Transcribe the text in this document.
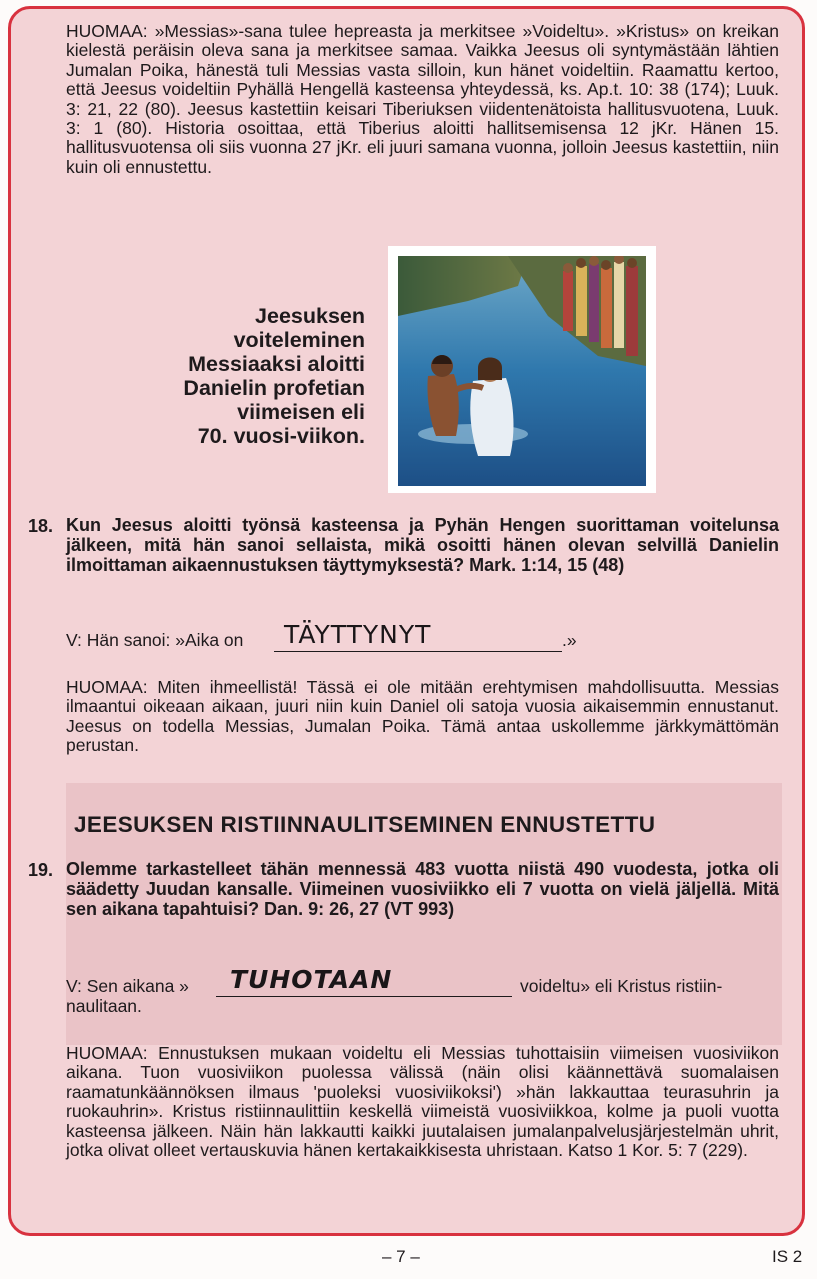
HUOMAA: »Messias»-sana tulee hepreasta ja merkitsee »Voideltu». »Kristus» on kreikan kielestä peräisin oleva sana ja merkitsee samaa. Vaikka Jeesus oli syntymästään lähtien Jumalan Poika, hänestä tuli Messias vasta silloin, kun hänet voideltiin. Raamattu kertoo, että Jeesus voideltiin Pyhällä Hengellä kasteensa yhteydessä, ks. Ap.t. 10: 38 (174); Luuk. 3: 21, 22 (80). Jeesus kastettiin keisari Tiberiuksen viidentenätoista hallitusvuotena, Luuk. 3: 1 (80). Historia osoittaa, että Tiberius aloitti hallitsemisensa 12 jKr. Hänen 15. hallitusvuotensa oli siis vuonna 27 jKr. eli juuri samana vuonna, jolloin Jeesus kastettiin, niin kuin oli ennustettu.

Jeesuksen
voiteleminen
Messiaaksi aloitti
Danielin profetian
viimeisen eli
70. vuosi-viikon.
18. Kun Jeesus aloitti työnsä kasteensa ja Pyhän Hengen suorittaman voitelunsa jälkeen, mitä hän sanoi sellaista, mikä osoitti hänen olevan selvillä Danielin ilmoittaman aikaennustuksen täyttymyksestä? Mark. 1:14, 15 (48)

V: Hän sanoi: »Aika on TÄYTTYNYT	.»

HUOMAA: Miten ihmeellistä! Tässä ei ole mitään erehtymisen mahdollisuutta. Messias ilmaantui oikeaan aikaan, juuri niin kuin Daniel oli satoja vuosia aikaisemmin ennustanut. Jeesus on todella Messias, Jumalan Poika. Tämä antaa uskollemme järkkymättömän perustan.

JEESUKSEN RISTIINNAULITSEMINEN ENNUSTETTU

19. Olemme tarkastelleet tähän mennessä 483 vuotta niistä 490 vuodesta, jotka oli säädetty Juudan kansalle. Viimeinen vuosiviikko eli 7 vuotta on vielä jäljellä. Mitä sen aikana tapahtuisi? Dan. 9: 26, 27 (VT 993)

V: Sen aikana » TUHOTAAN	voideltu» eli Kristus ristiin-
naulitaan.

HUOMAA: Ennustuksen mukaan voideltu eli Messias tuhottaisiin viimeisen vuosiviikon aikana. Tuon vuosiviikon puolessa välissä (näin olisi käännettävä suomalaisen raamatunkäännöksen ilmaus 'puoleksi vuosiviikoksi') »hän lakkauttaa teurasuhrin ja ruokauhrin». Kristus ristiinnaulittiin keskellä viimeistä vuosiviikkoa, kolme ja puoli vuotta kasteensa jälkeen. Näin hän lakkautti kaikki juutalaisen jumalanpalvelusjärjestelmän uhrit, jotka olivat olleet vertauskuvia hänen kertakaikkisesta uhristaan. Katso 1 Kor. 5: 7 (229).

– 7 –	IS 2
